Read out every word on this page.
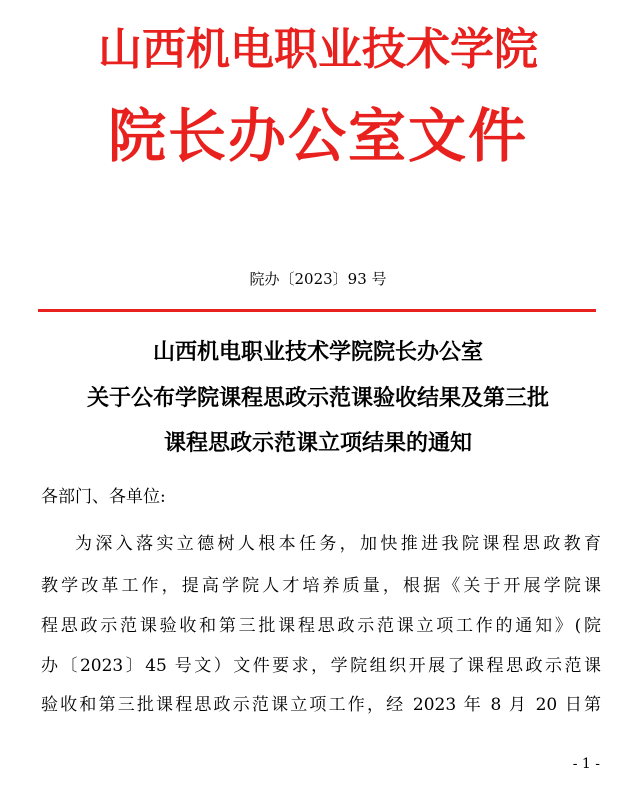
山西机电职业技术学院
院长办公室文件
院办〔2023〕93 号
山西机电职业技术学院院长办公室
关于公布学院课程思政示范课验收结果及第三批
课程思政示范课立项结果的通知
各部门、各单位:
为深入落实立德树人根本任务，加快推进我院课程思政教育
教学改革工作，提高学院人才培养质量，根据《关于开展学院课
程思政示范课验收和第三批课程思政示范课立项工作的通知》(院
办〔2023〕45 号文）文件要求，学院组织开展了课程思政示范课
验收和第三批课程思政示范课立项工作，经 2023 年 8 月 20 日第
- 1 -
